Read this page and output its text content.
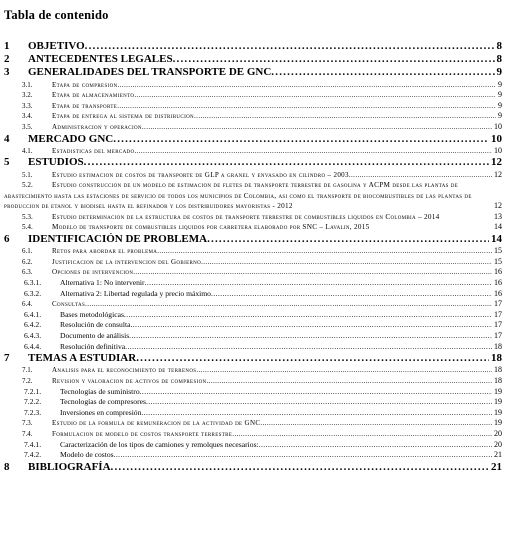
Tabla de contenido
1	OBJETIVO .....	8
2	ANTECEDENTES LEGALES .....	8
3	GENERALIDADES DEL TRANSPORTE DE GNC .....	9
3.1.	Etapa de compresion .....	9
3.2.	Etapa de almacenamiento .....	9
3.3.	Etapa de transporte .....	9
3.4.	Etapa de entrega al sistema de distribucion .....	9
3.5.	Administracion y operacion .....	10
4	MERCADO GNC .....	10
4.1.	Estadisticas del mercado .....	10
5	ESTUDIOS .....	12
5.1.	Estudio estimacion de costos de transporte de GLP a granel y envasado en cilindro – 2003 .....	12
5.2.	Estudio construccion de un modelo de estimacion de fletes de transporte terrestre de gasolina y ACPM desde las plantas de abastecimiento hasta las estaciones de servicio de todos los municipios de Colombia, asi como el transporte de biocombustibles de las plantas de produccion de etanol y biodisel hasta el refinador y los distribuidores mayoristas - 2012	12
5.3.	Estudio determinacion de la estructura de costos de transporte terrestre de combustibles liquidos en Colombia – 2014	13
5.4.	Modelo de transporte de combustibles liquidos por carretera elaborado por SNC – Lavalin, 2015	14
6	IDENTIFICACIÓN DE PROBLEMA .....	14
6.1.	Retos para abordar el problema .....	15
6.2.	Justificacion de la intervencion del Gobierno .....	15
6.3.	Opciones de intervencion .....	16
6.3.1.	Alternativa 1: No intervenir .....	16
6.3.2.	Alternativa 2: Libertad regulada y precio máximo .....	16
6.4.	Consultas .....	17
6.4.1.	Bases metodológicas .....	17
6.4.2.	Resolución de consulta .....	17
6.4.3.	Documento de análisis .....	17
6.4.4.	Resolución definitiva .....	18
7	TEMAS A ESTUDIAR .....	18
7.1.	Analisis para el reconocimiento de terrenos .....	18
7.2.	Revision y valoracion de activos de compresion .....	18
7.2.1.	Tecnologías de suministro .....	19
7.2.2.	Tecnologías de compresores .....	19
7.2.3.	Inversiones en compresión .....	19
7.3.	Estudio de la formula de remuneracion de la actividad de GNC .....	19
7.4.	Formulacion de modelo de costos transporte terrestre .....	20
7.4.1.	Caracterización de los tipos de camiones y remolques necesarios: .....	20
7.4.2.	Modelo de costos .....	21
8	BIBLIOGRAFÍA .....	21
